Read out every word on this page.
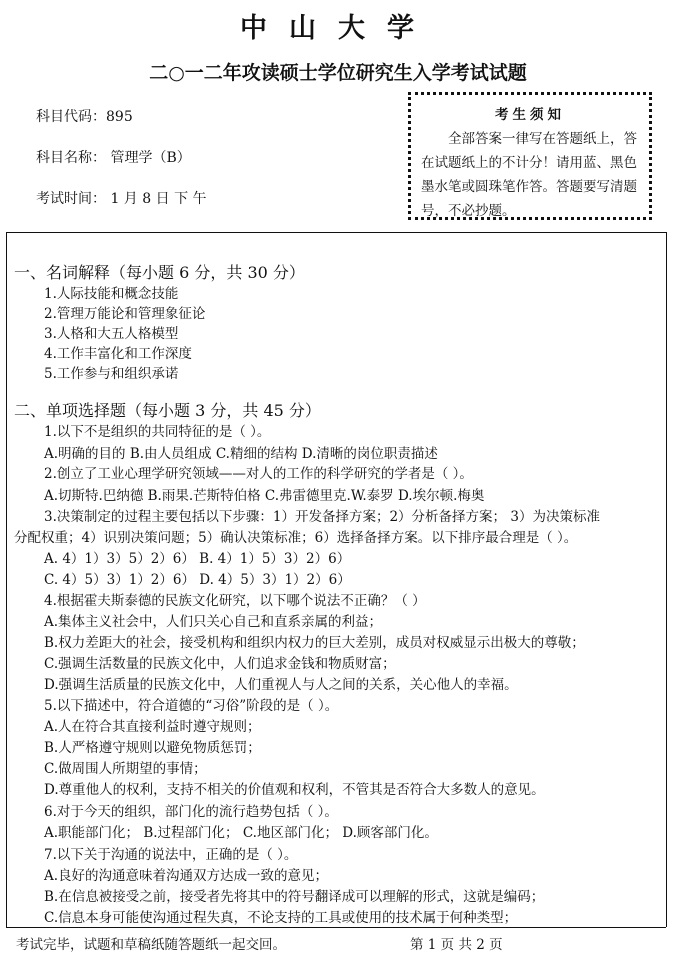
中山大学
二○一二年攻读硕士学位研究生入学考试试题
科目代码：895
科目名称： 管理学（B）
考试时间： 1 月 8 日 下 午
考生须知
全部答案一律写在答题纸上，答在试题纸上的不计分！请用蓝、黑色墨水笔或圆珠笔作答。答题要写清题号，不必抄题。
一、名词解释（每小题 6 分，共 30 分）
1.人际技能和概念技能
2.管理万能论和管理象征论
3.人格和大五人格模型
4.工作丰富化和工作深度
5.工作参与和组织承诺
二、单项选择题（每小题 3 分，共 45 分）
1.以下不是组织的共同特征的是（ ）。
A.明确的目的 B.由人员组成 C.精细的结构 D.清晰的岗位职责描述
2.创立了工业心理学研究领域——对人的工作的科学研究的学者是（ ）。
A.切斯特.巴纳德 B.雨果.芒斯特伯格 C.弗雷德里克.W.泰罗 D.埃尔顿.梅奥
3.决策制定的过程主要包括以下步骤：1）开发备择方案；2）分析备择方案； 3）为决策标准
分配权重；4）识别决策问题；5）确认决策标准；6）选择备择方案。以下排序最合理是（ ）。
A. 4）1）3）5）2）6） B. 4）1）5）3）2）6）
C. 4）5）3）1）2）6） D. 4）5）3）1）2）6）
4.根据霍夫斯泰德的民族文化研究，以下哪个说法不正确？（ ）
A.集体主义社会中，人们只关心自己和直系亲属的利益；
B.权力差距大的社会，接受机构和组织内权力的巨大差别，成员对权威显示出极大的尊敬；
C.强调生活数量的民族文化中，人们追求金钱和物质财富；
D.强调生活质量的民族文化中，人们重视人与人之间的关系，关心他人的幸福。
5.以下描述中，符合道德的“习俗”阶段的是（ ）。
A.人在符合其直接利益时遵守规则；
B.人严格遵守规则以避免物质惩罚；
C.做周围人所期望的事情；
D.尊重他人的权利，支持不相关的价值观和权利，不管其是否符合大多数人的意见。
6.对于今天的组织，部门化的流行趋势包括（ ）。
A.职能部门化； B.过程部门化； C.地区部门化； D.顾客部门化。
7.以下关于沟通的说法中，正确的是（ ）。
A.良好的沟通意味着沟通双方达成一致的意见；
B.在信息被接受之前，接受者先将其中的符号翻译成可以理解的形式，这就是编码；
C.信息本身可能使沟通过程失真，不论支持的工具或使用的技术属于何种类型；
考试完毕，试题和草稿纸随答题纸一起交回。	第 1 页 共 2 页
